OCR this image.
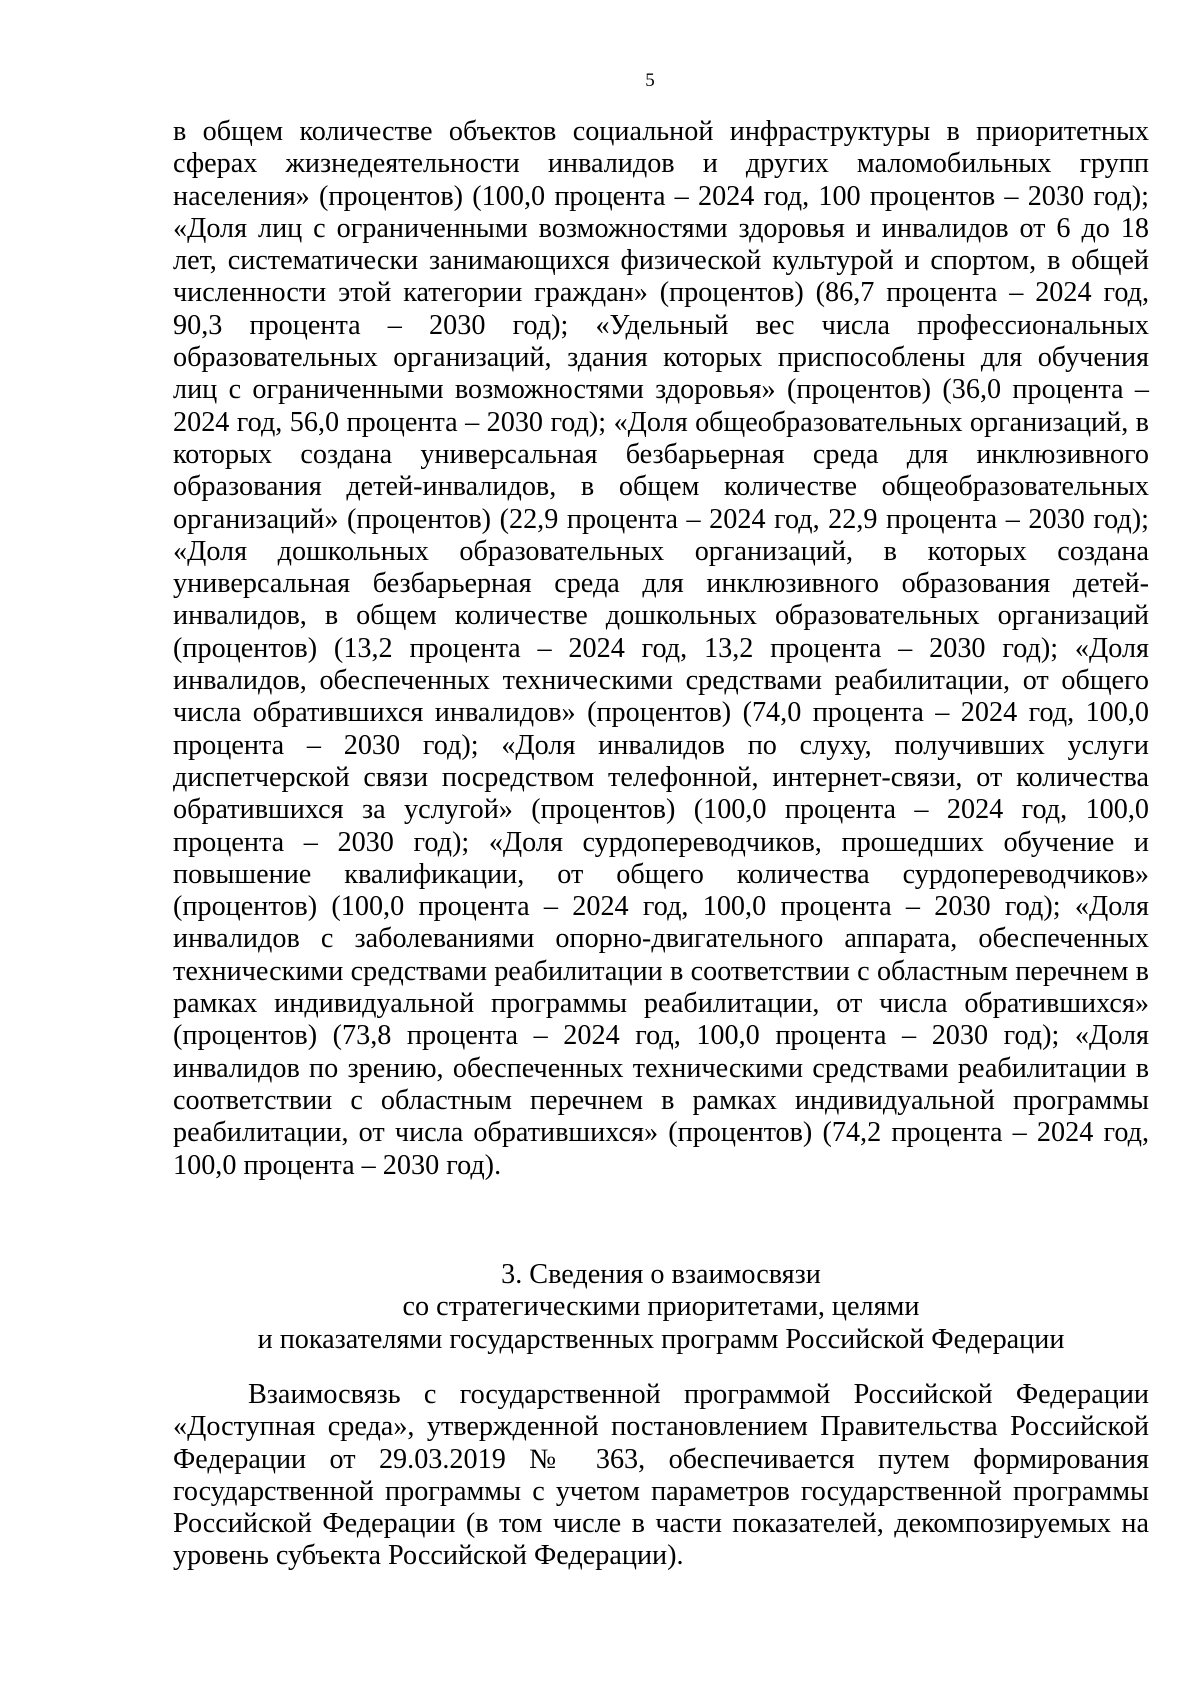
5

в общем количестве объектов социальной инфраструктуры в приоритетных сферах жизнедеятельности инвалидов и других маломобильных групп населения» (процентов) (100,0 процента – 2024 год, 100 процентов – 2030 год); «Доля лиц с ограниченными возможностями здоровья и инвалидов от 6 до 18 лет, систематически занимающихся физической культурой и спортом, в общей численности этой категории граждан» (процентов) (86,7 процента – 2024 год, 90,3 процента – 2030 год); «Удельный вес числа профессиональных образовательных организаций, здания которых приспособлены для обучения лиц с ограниченными возможностями здоровья» (процентов) (36,0 процента – 2024 год, 56,0 процента – 2030 год); «Доля общеобразовательных организаций, в которых создана универсальная безбарьерная среда для инклюзивного образования детей-инвалидов, в общем количестве общеобразовательных организаций» (процентов) (22,9 процента – 2024 год, 22,9 процента – 2030 год); «Доля дошкольных образовательных организаций, в которых создана универсальная безбарьерная среда для инклюзивного образования детей-инвалидов, в общем количестве дошкольных образовательных организаций (процентов) (13,2 процента – 2024 год, 13,2 процента – 2030 год); «Доля инвалидов, обеспеченных техническими средствами реабилитации, от общего числа обратившихся инвалидов» (процентов) (74,0 процента – 2024 год, 100,0 процента – 2030 год); «Доля инвалидов по слуху, получивших услуги диспетчерской связи посредством телефонной, интернет-связи, от количества обратившихся за услугой» (процентов) (100,0 процента – 2024 год, 100,0 процента – 2030 год); «Доля сурдопереводчиков, прошедших обучение и повышение квалификации, от общего количества сурдопереводчиков» (процентов) (100,0 процента – 2024 год, 100,0 процента – 2030 год); «Доля инвалидов с заболеваниями опорно-двигательного аппарата, обеспеченных техническими средствами реабилитации в соответствии с областным перечнем в рамках индивидуальной программы реабилитации, от числа обратившихся» (процентов) (73,8 процента – 2024 год, 100,0 процента – 2030 год); «Доля инвалидов по зрению, обеспеченных техническими средствами реабилитации в соответствии с областным перечнем в рамках индивидуальной программы реабилитации, от числа обратившихся» (процентов) (74,2 процента – 2024 год, 100,0 процента – 2030 год).

3. Сведения о взаимосвязи
со стратегическими приоритетами, целями
и показателями государственных программ Российской Федерации

Взаимосвязь с государственной программой Российской Федерации «Доступная среда», утвержденной постановлением Правительства Российской Федерации от 29.03.2019 № 363, обеспечивается путем формирования государственной программы с учетом параметров государственной программы Российской Федерации (в том числе в части показателей, декомпозируемых на уровень субъекта Российской Федерации).
